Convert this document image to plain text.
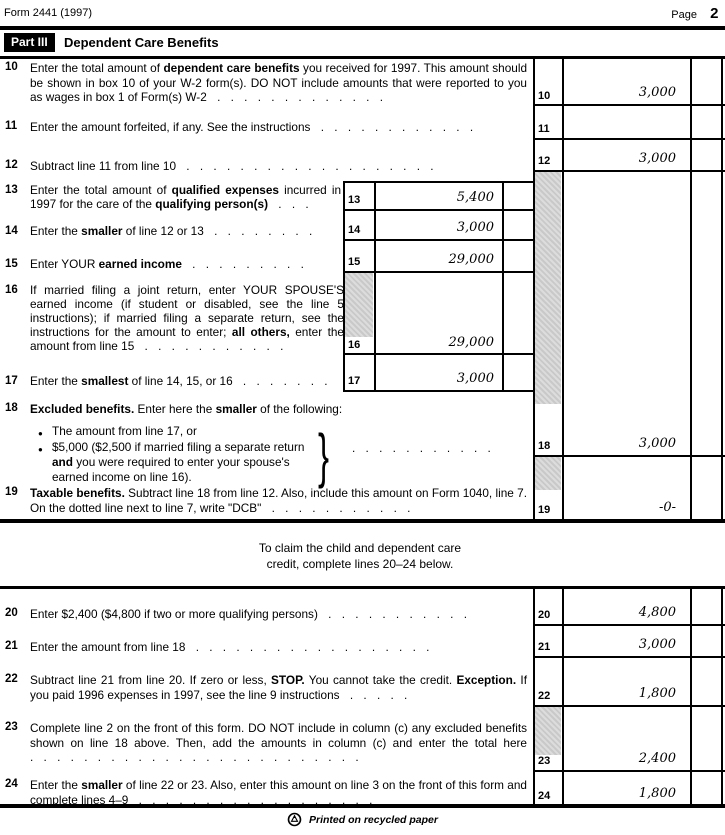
Form 2441 (1997)	Page 2
Part III	Dependent Care Benefits
10 Enter the total amount of dependent care benefits you received for 1997. This amount should be shown in box 10 of your W-2 form(s). DO NOT include amounts that were reported to you as wages in box 1 of Form(s) W-2 . . . . . . . . . . . . .	10	3,000
11 Enter the amount forfeited, if any. See the instructions . . . . . . . . . . . .	11
12 Subtract line 11 from line 10 . . . . . . . . . . . . . . . . . . .	12	3,000
13 Enter the total amount of qualified expenses incurred in 1997 for the care of the qualifying person(s) . . .	13	5,400
14 Enter the smaller of line 12 or 13 . . . . . . . .	14	3,000
15 Enter YOUR earned income . . . . . . . . .	15	29,000
16 If married filing a joint return, enter YOUR SPOUSE'S earned income (if student or disabled, see the line 5 instructions); if married filing a separate return, see the instructions for the amount to enter; all others, enter the amount from line 15 . . . . . . . . . . .	16	29,000
17 Enter the smallest of line 14, 15, or 16 . . . . . . .	17	3,000
18 Excluded benefits. Enter here the smaller of the following:
● The amount from line 17, or
● $5,000 ($2,500 if married filing a separate return and you were required to enter your spouse's earned income on line 16).	} . . . . . . . . . . .	18	3,000
19 Taxable benefits. Subtract line 18 from line 12. Also, include this amount on Form 1040, line 7. On the dotted line next to line 7, write "DCB" . . . . . . . . . . .	19	-0-
To claim the child and dependent care
credit, complete lines 20–24 below.
20 Enter $2,400 ($4,800 if two or more qualifying persons) . . . . . . . . . . .	20	4,800
21 Enter the amount from line 18 . . . . . . . . . . . . . . . . . .	21	3,000
22 Subtract line 21 from line 20. If zero or less, STOP. You cannot take the credit. Exception. If you paid 1996 expenses in 1997, see the line 9 instructions . . . . .	22	1,800
23 Complete line 2 on the front of this form. DO NOT include in column (c) any excluded benefits shown on line 18 above. Then, add the amounts in column (c) and enter the total here . . . . . . . . . . . . . . . . . . . . . . . . .	23	2,400
24 Enter the smaller of line 22 or 23. Also, enter this amount on line 3 on the front of this form and complete lines 4–9 . . . . . . . . . . . . . . . . . .	24	1,800
Printed on recycled paper
